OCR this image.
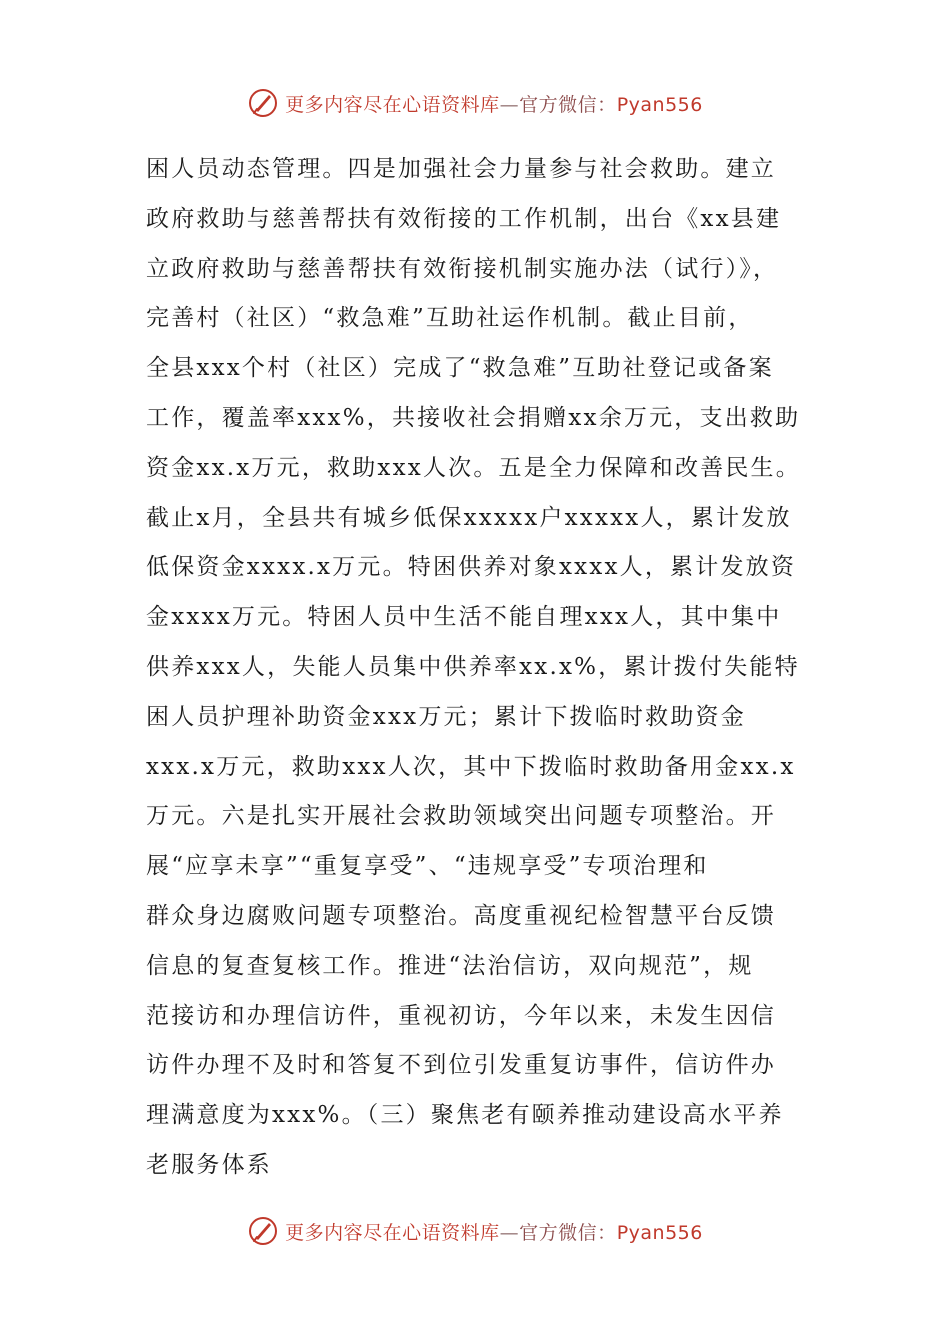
更多内容尽在心语资料库—官方微信：Pyan556
困人员动态管理。四是加强社会力量参与社会救助。建立
政府救助与慈善帮扶有效衔接的工作机制，出台《xx县建
立政府救助与慈善帮扶有效衔接机制实施办法（试行）》，
完善村（社区）“救急难”互助社运作机制。截止目前，
全县xxx个村（社区）完成了“救急难”互助社登记或备案
工作，覆盖率xxx%，共接收社会捐赠xx余万元，支出救助
资金xx.x万元，救助xxx人次。五是全力保障和改善民生。
截止x月，全县共有城乡低保xxxxx户xxxxx人，累计发放
低保资金xxxx.x万元。特困供养对象xxxx人，累计发放资
金xxxx万元。特困人员中生活不能自理xxx人，其中集中
供养xxx人，失能人员集中供养率xx.x%，累计拨付失能特
困人员护理补助资金xxx万元；累计下拨临时救助资金
xxx.x万元，救助xxx人次，其中下拨临时救助备用金xx.x
万元。六是扎实开展社会救助领域突出问题专项整治。开
展“应享未享”“重复享受”、“违规享受”专项治理和
群众身边腐败问题专项整治。高度重视纪检智慧平台反馈
信息的复查复核工作。推进“法治信访，双向规范”，规
范接访和办理信访件，重视初访，今年以来，未发生因信
访件办理不及时和答复不到位引发重复访事件，信访件办
理满意度为xxx%。（三）聚焦老有颐养推动建设高水平养
老服务体系
更多内容尽在心语资料库—官方微信：Pyan556
